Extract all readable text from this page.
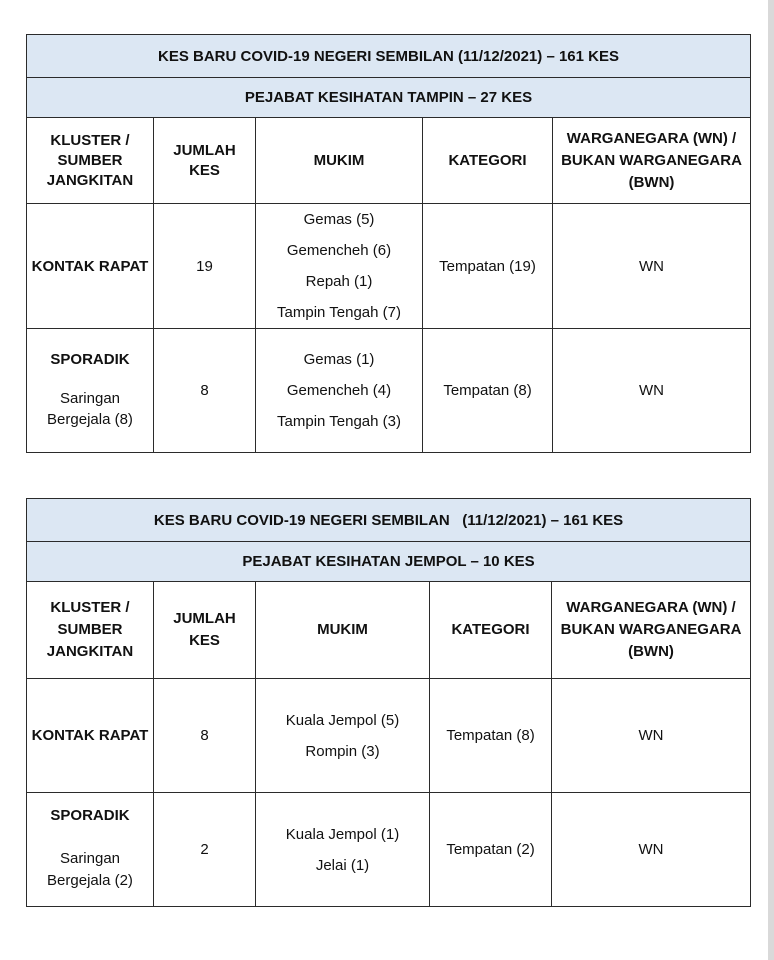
KES BARU COVID-19 NEGERI SEMBILAN (11/12/2021) – 161 KES				
PEJABAT KESIHATAN TAMPIN – 27 KES				
KLUSTER / SUMBER JANGKITAN	JUMLAH KES	MUKIM	KATEGORI	WARGANEGARA (WN) / BUKAN WARGANEGARA (BWN)
KONTAK RAPAT	19	Gemas (5)
Gemencheh (6)
Repah (1)
Tampin Tengah (7)	Tempatan (19)	WN

SPORADIK
Saringan Bergejala (8)	8	Gemas (1)
Gemencheh (4)
Tampin Tengah (3)	Tempatan (8)	WN
KES BARU COVID-19 NEGERI SEMBILAN   (11/12/2021) – 161 KES				
PEJABAT KESIHATAN JEMPOL – 10 KES				
KLUSTER / SUMBER JANGKITAN	JUMLAH KES	MUKIM	KATEGORI	WARGANEGARA (WN) / BUKAN WARGANEGARA (BWN)
KONTAK RAPAT	8	Kuala Jempol (5)
Rompin (3)	Tempatan (8)	WN

SPORADIK
Saringan Bergejala (2)	2	Kuala Jempol (1)
Jelai (1)	Tempatan (2)	WN
